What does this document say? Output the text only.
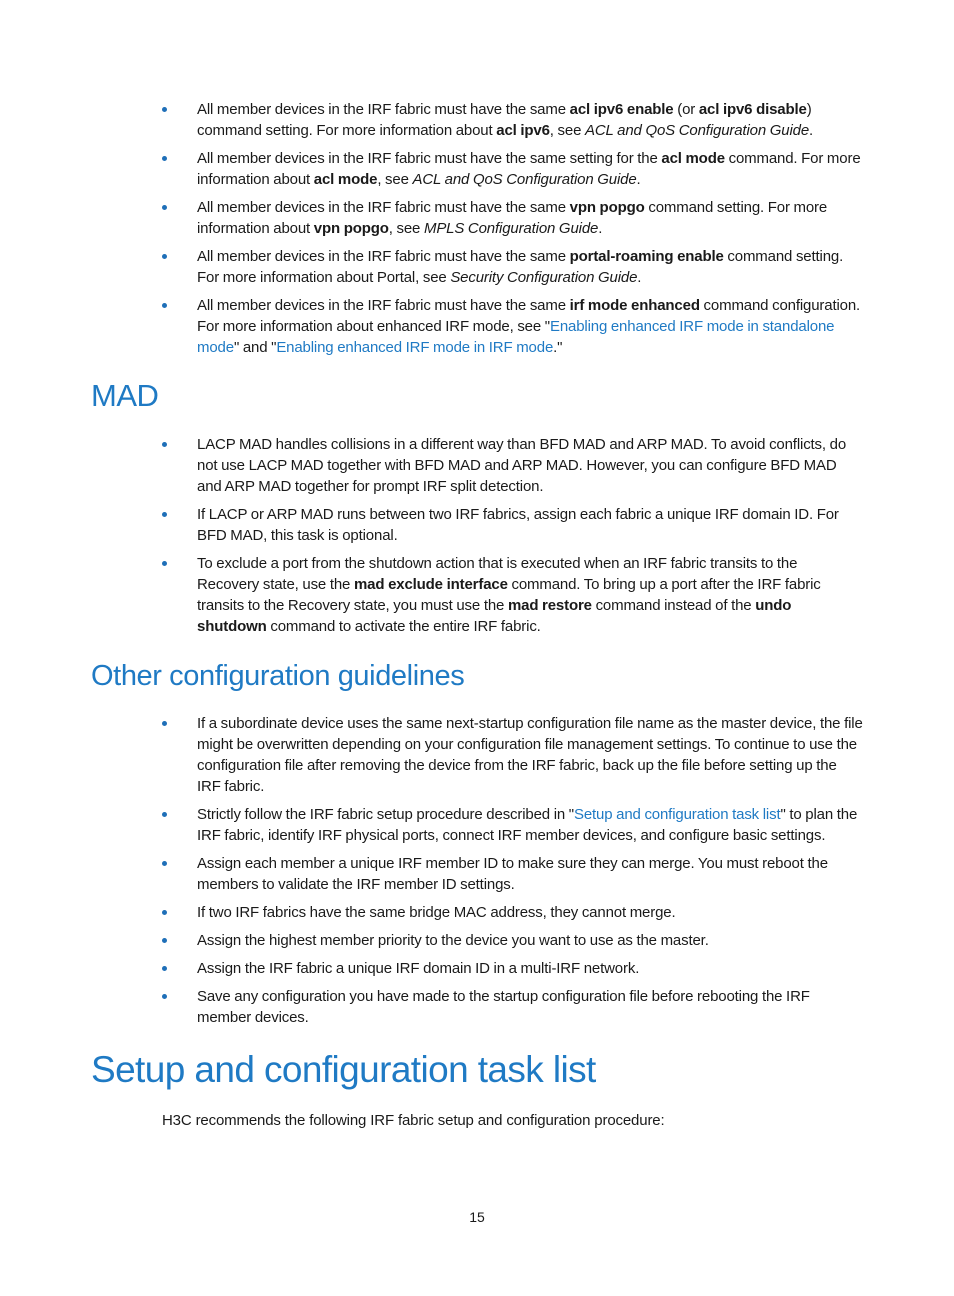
All member devices in the IRF fabric must have the same acl ipv6 enable (or acl ipv6 disable) command setting. For more information about acl ipv6, see ACL and QoS Configuration Guide.
All member devices in the IRF fabric must have the same setting for the acl mode command. For more information about acl mode, see ACL and QoS Configuration Guide.
All member devices in the IRF fabric must have the same vpn popgo command setting. For more information about vpn popgo, see MPLS Configuration Guide.
All member devices in the IRF fabric must have the same portal-roaming enable command setting. For more information about Portal, see Security Configuration Guide.
All member devices in the IRF fabric must have the same irf mode enhanced command configuration. For more information about enhanced IRF mode, see "Enabling enhanced IRF mode in standalone mode" and "Enabling enhanced IRF mode in IRF mode."
MAD
LACP MAD handles collisions in a different way than BFD MAD and ARP MAD. To avoid conflicts, do not use LACP MAD together with BFD MAD and ARP MAD. However, you can configure BFD MAD and ARP MAD together for prompt IRF split detection.
If LACP or ARP MAD runs between two IRF fabrics, assign each fabric a unique IRF domain ID. For BFD MAD, this task is optional.
To exclude a port from the shutdown action that is executed when an IRF fabric transits to the Recovery state, use the mad exclude interface command. To bring up a port after the IRF fabric transits to the Recovery state, you must use the mad restore command instead of the undo shutdown command to activate the entire IRF fabric.
Other configuration guidelines
If a subordinate device uses the same next-startup configuration file name as the master device, the file might be overwritten depending on your configuration file management settings. To continue to use the configuration file after removing the device from the IRF fabric, back up the file before setting up the IRF fabric.
Strictly follow the IRF fabric setup procedure described in "Setup and configuration task list" to plan the IRF fabric, identify IRF physical ports, connect IRF member devices, and configure basic settings.
Assign each member a unique IRF member ID to make sure they can merge. You must reboot the members to validate the IRF member ID settings.
If two IRF fabrics have the same bridge MAC address, they cannot merge.
Assign the highest member priority to the device you want to use as the master.
Assign the IRF fabric a unique IRF domain ID in a multi-IRF network.
Save any configuration you have made to the startup configuration file before rebooting the IRF member devices.
Setup and configuration task list

H3C recommends the following IRF fabric setup and configuration procedure:

15
